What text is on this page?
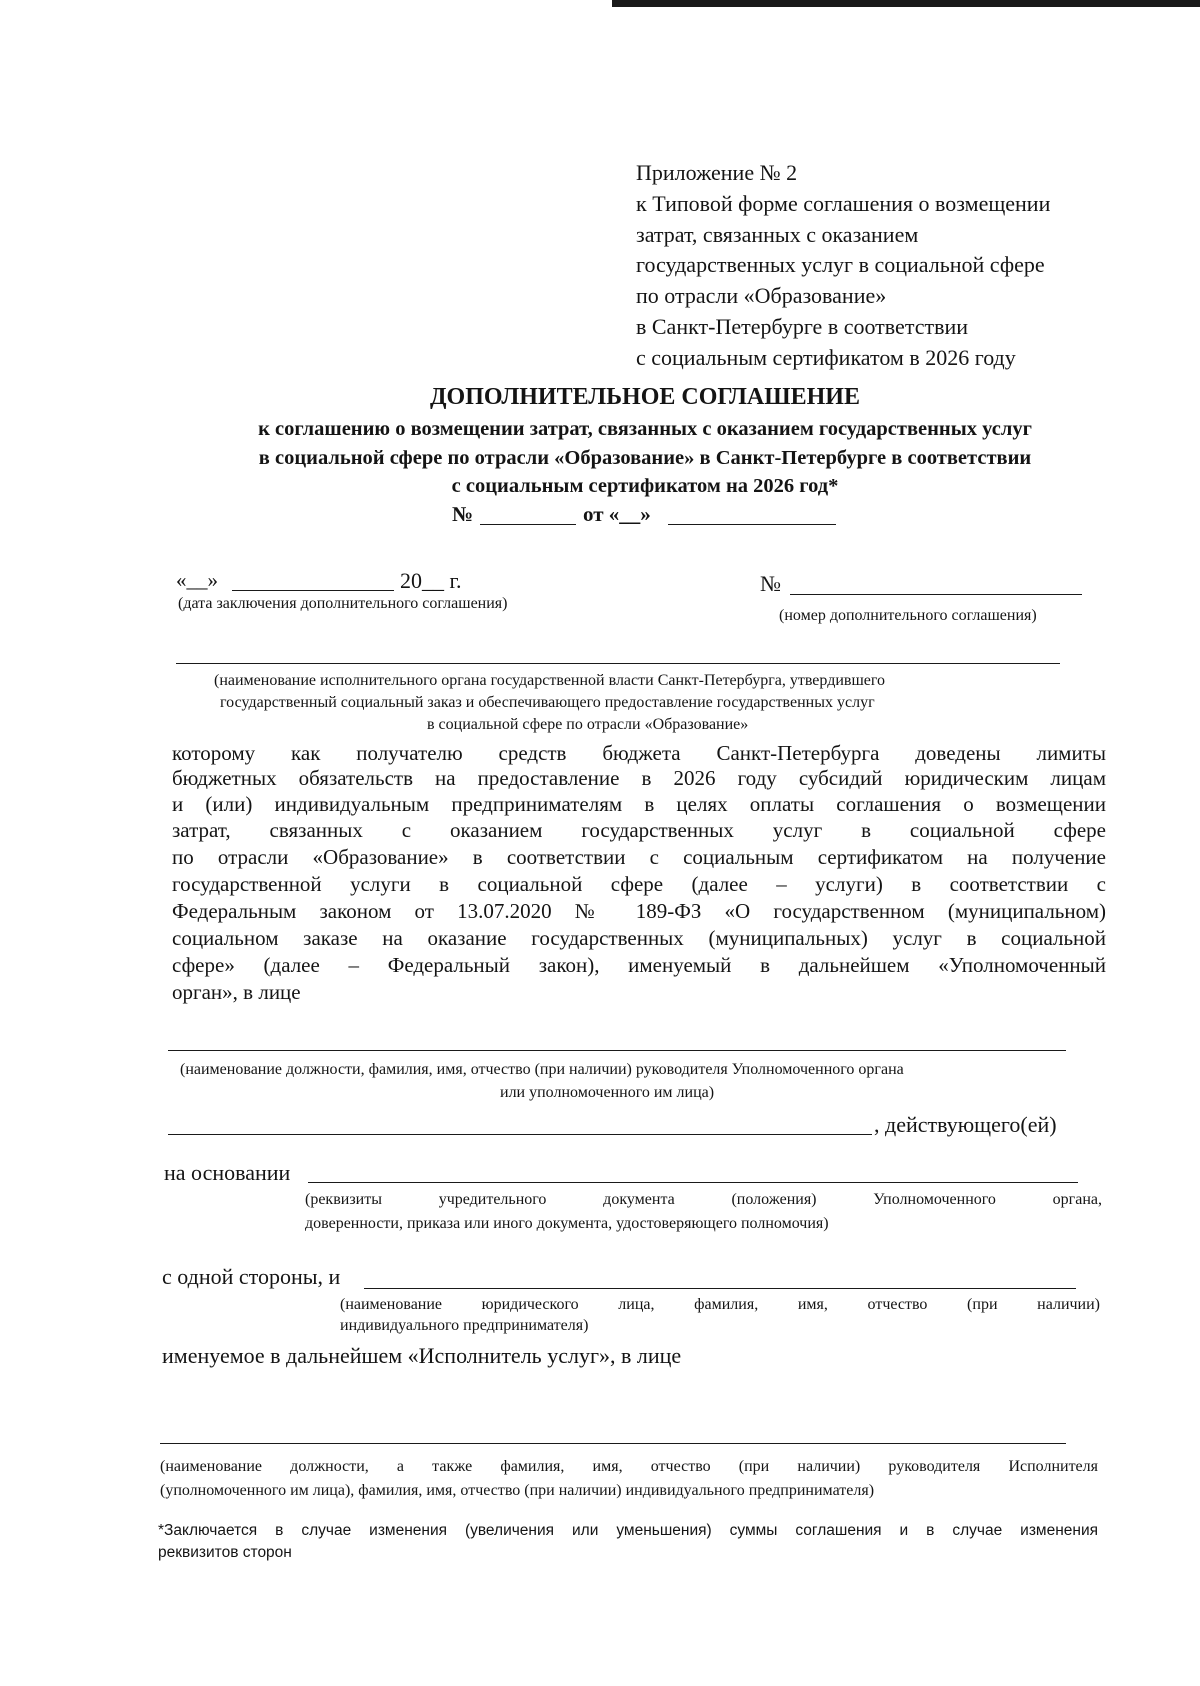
Приложение № 2
к Типовой форме соглашения о возмещении
затрат, связанных с оказанием
государственных услуг в социальной сфере
по отрасли «Образование»
в Санкт-Петербурге в соответствии
с социальным сертификатом в 2026 году
ДОПОЛНИТЕЛЬНОЕ СОГЛАШЕНИЕ
к соглашению о возмещении затрат, связанных с оказанием государственных услуг
в социальной сфере по отрасли «Образование» в Санкт-Петербурге в соответствии
с социальным сертификатом на 2026 год*
№	от «__»
«__»	20__ г.
(дата заключения дополнительного соглашения)
№
(номер дополнительного соглашения)
(наименование исполнительного органа государственной власти Санкт-Петербурга, утвердившего
государственный социальный заказ и обеспечивающего предоставление государственных услуг
в социальной сфере по отрасли «Образование»
которому как получателю средств бюджета Санкт-Петербурга доведены лимиты
бюджетных обязательств на предоставление в 2026 году субсидий юридическим лицам
и (или) индивидуальным предпринимателям в целях оплаты соглашения о возмещении
затрат, связанных с оказанием государственных услуг в социальной сфере
по отрасли «Образование» в соответствии с социальным сертификатом на получение
государственной услуги в социальной сфере (далее – услуги) в соответствии с
Федеральным законом от 13.07.2020 № 189-ФЗ «О государственном (муниципальном)
социальном заказе на оказание государственных (муниципальных) услуг в социальной
сфере» (далее – Федеральный закон), именуемый в дальнейшем «Уполномоченный
орган», в лице
(наименование должности, фамилия, имя, отчество (при наличии) руководителя Уполномоченного органа
или уполномоченного им лица)
, действующего(ей)
на основании
(реквизиты учредительного документа (положения) Уполномоченного органа,
доверенности, приказа или иного документа, удостоверяющего полномочия)
с одной стороны, и
(наименование юридического лица, фамилия, имя, отчество (при наличии)
индивидуального предпринимателя)
именуемое в дальнейшем «Исполнитель услуг», в лице
(наименование должности, а также фамилия, имя, отчество (при наличии) руководителя Исполнителя
(уполномоченного им лица), фамилия, имя, отчество (при наличии) индивидуального предпринимателя)
*Заключается в случае изменения (увеличения или уменьшения) суммы соглашения и в случае изменения
реквизитов сторон
